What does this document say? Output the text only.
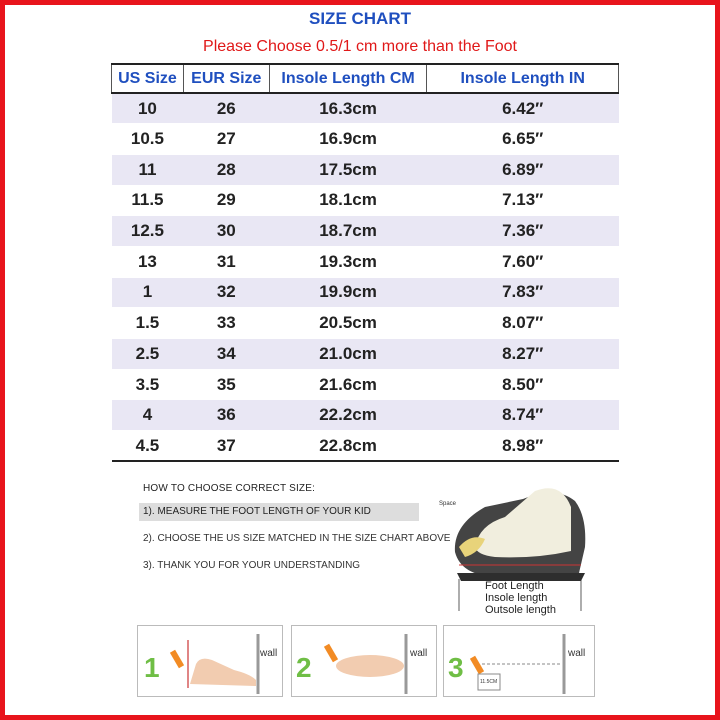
SIZE CHART
Please Choose 0.5/1 cm more than the Foot
US Size	EUR Size	Insole Length CM	Insole Length IN
10	26	16.3cm	6.42″
10.5	27	16.9cm	6.65″
11	28	17.5cm	6.89″
11.5	29	18.1cm	7.13″
12.5	30	18.7cm	7.36″
13	31	19.3cm	7.60″
1	32	19.9cm	7.83″
1.5	33	20.5cm	8.07″
2.5	34	21.0cm	8.27″
3.5	35	21.6cm	8.50″
4	36	22.2cm	8.74″
4.5	37	22.8cm	8.98″
HOW TO CHOOSE CORRECT SIZE:
1). MEASURE THE FOOT LENGTH OF YOUR KID
2). CHOOSE THE US SIZE MATCHED IN THE SIZE CHART ABOVE
3). THANK YOU FOR YOUR UNDERSTANDING
Space
Foot Length
Insole length
Outsole length
1	wall 2	wall 3	11.5CM
wall
